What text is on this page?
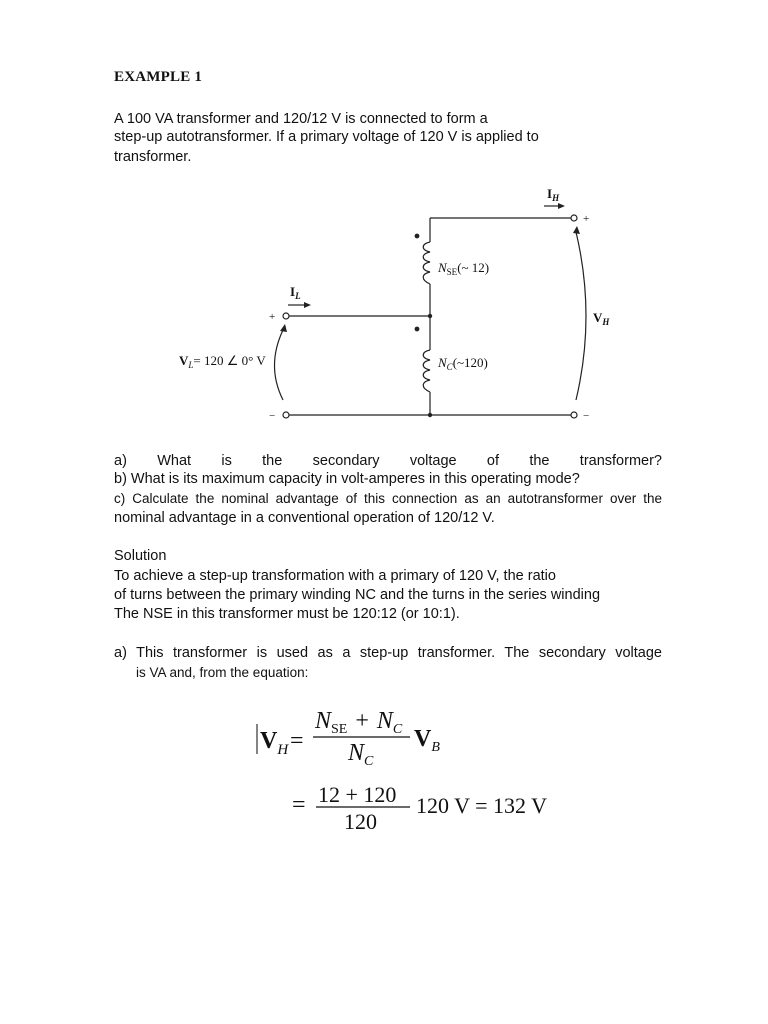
EXAMPLE 1
A 100 VA transformer and 120/12 V is connected to form a
step-up autotransformer. If a primary voltage of 120 V is applied to
transformer.
$I_H$
$I_L$
$V_H$
$V_L= 120$ ∠ 0° V
$N_{SE}(\sim$ 12)
$N_C(\sim 120)$
+
−
+
−
a) What is the secondary voltage of the transformer?
b) What is its maximum capacity in volt-amperes in this operating mode?
c) Calculate the nominal advantage of this connection as an autotransformer over the
nominal advantage in a conventional operation of 120/12 V.
Solution
To achieve a step-up transformation with a primary of 120 V, the ratio
of turns between the primary winding NC and the turns in the series winding
The NSE in this transformer must be 120:12 (or 10:1).
a) This transformer is used as a step-up transformer. The secondary voltage
is VA and, from the equation:
$V_H$ =
$N_{SE} + N_C$
$N_C$
$V_B$
= 12 + 120
120
120 V = 132 V
